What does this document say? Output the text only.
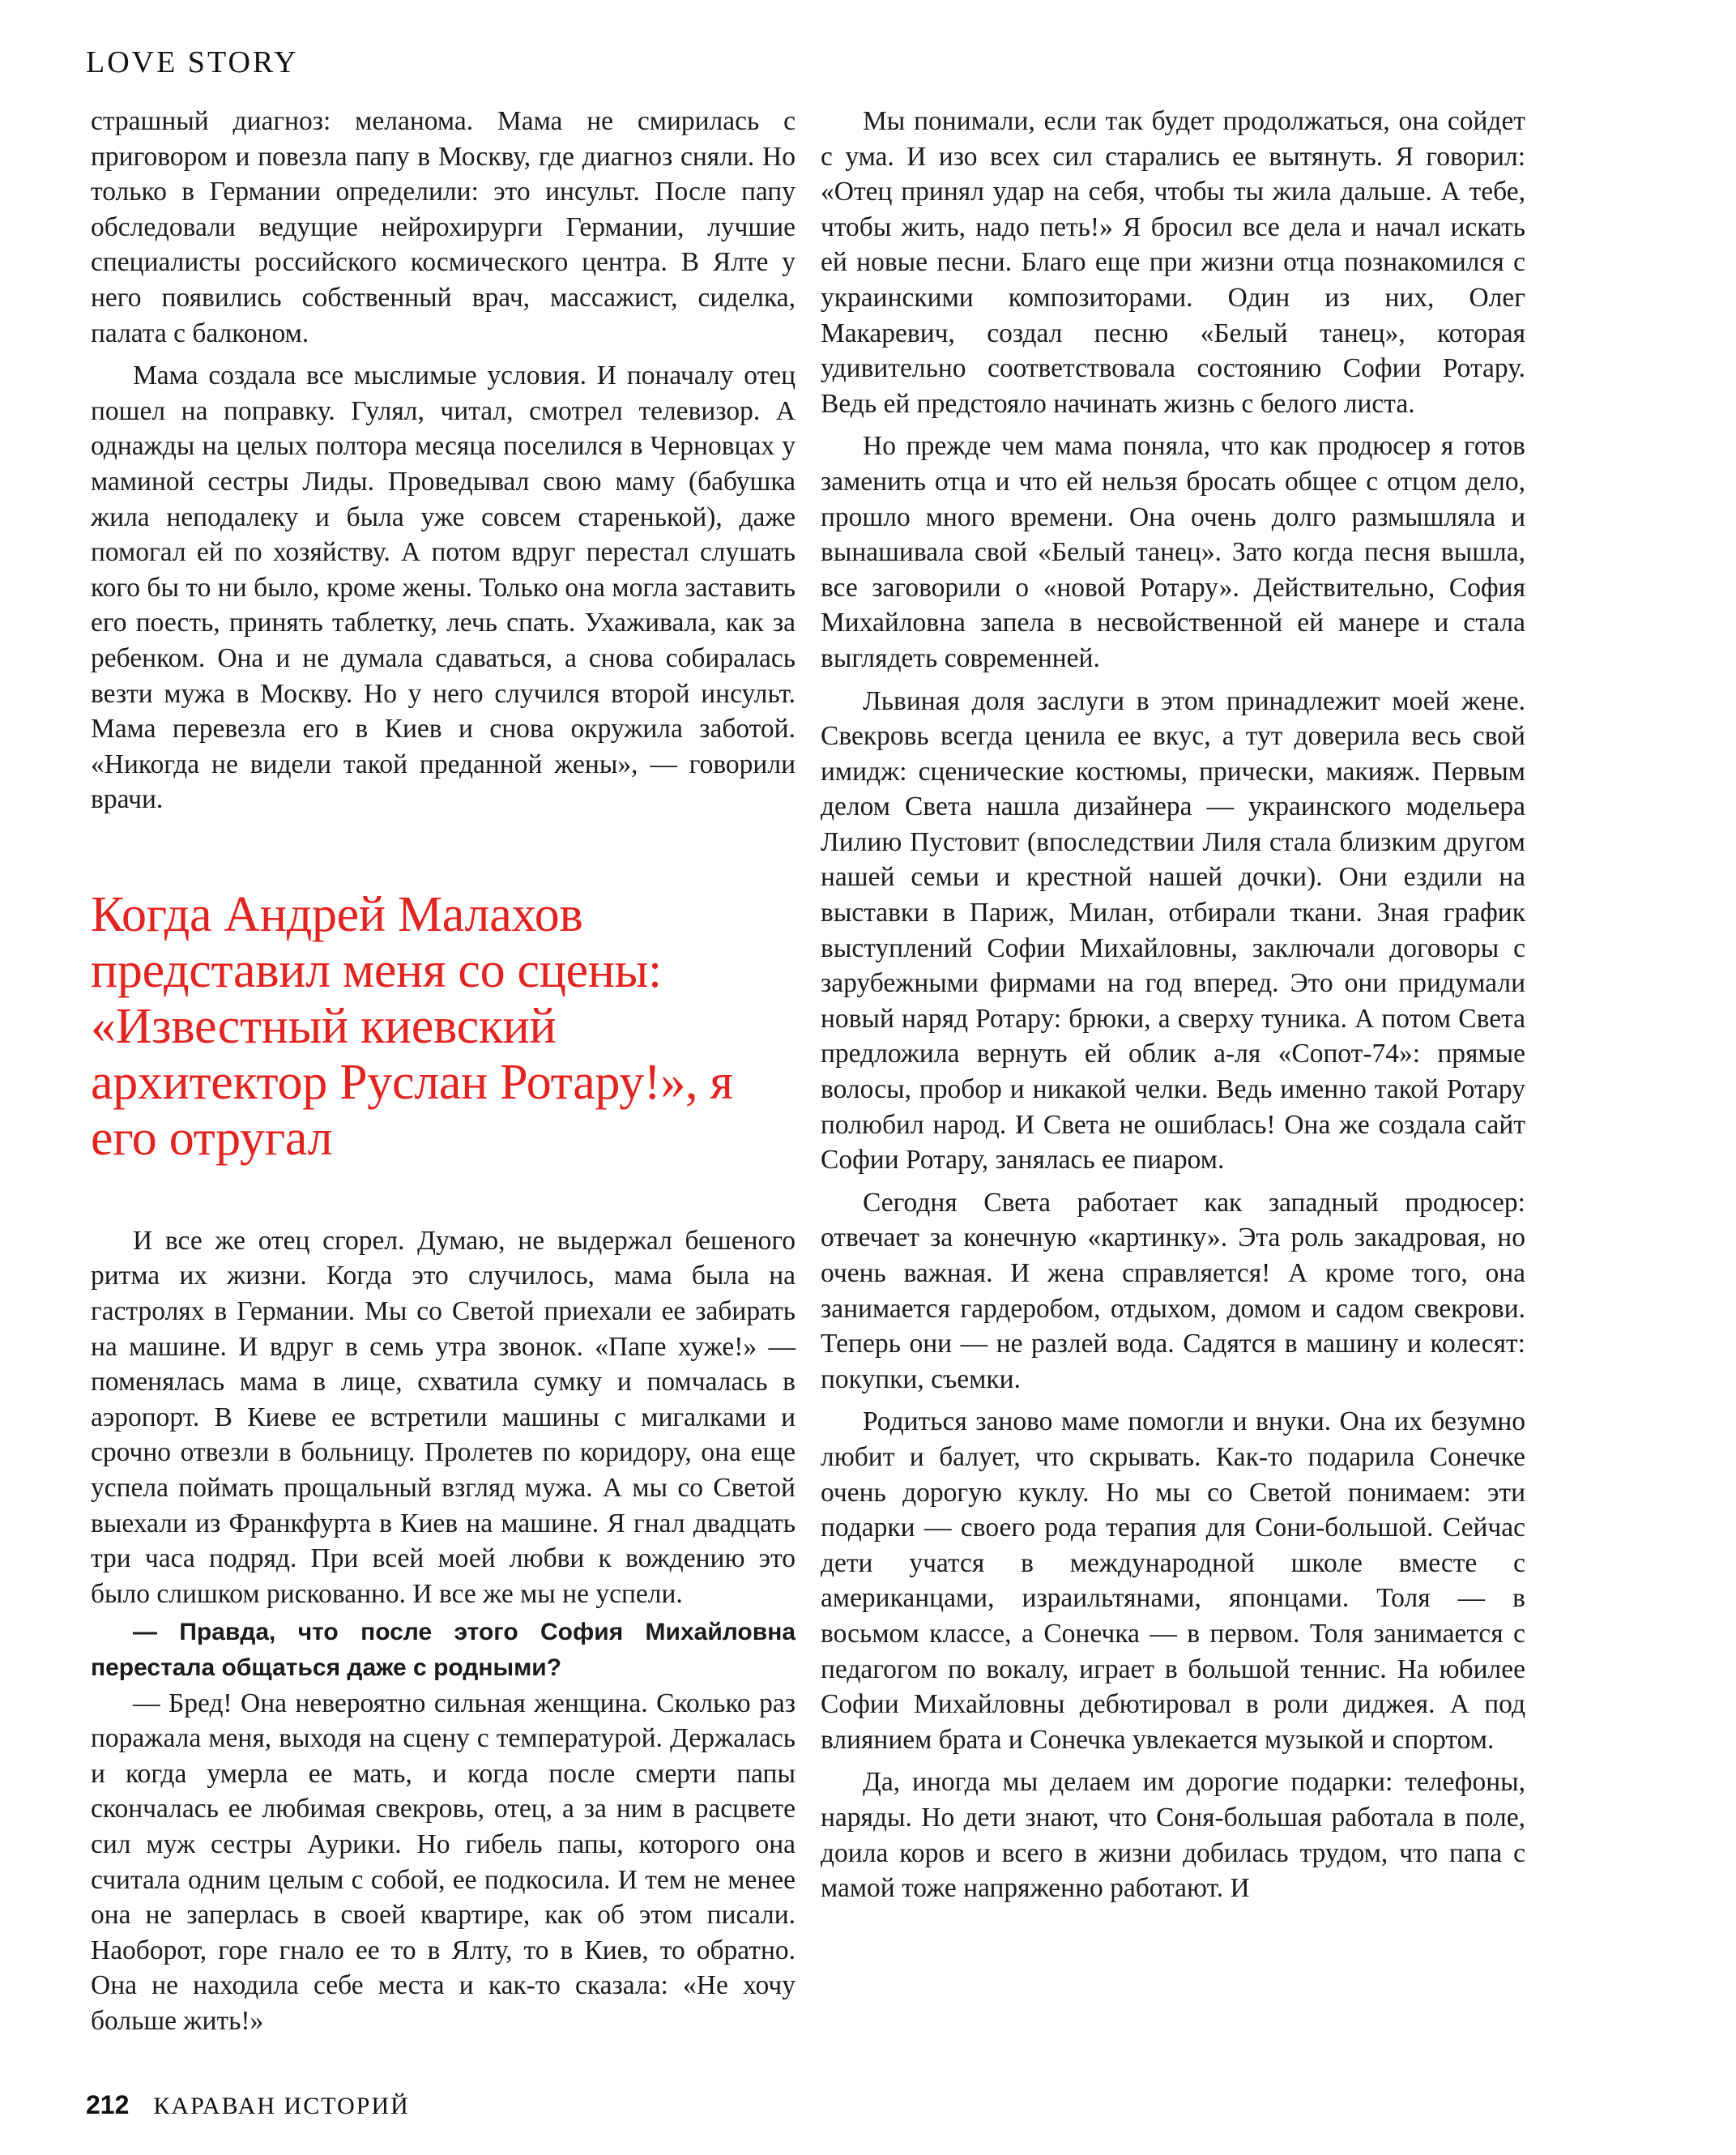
LOVE STORY

страшный диагноз: меланома. Мама не смирилась с приговором и повезла папу в Москву, где диагноз сняли. Но только в Германии определили: это инсульт. После папу обследовали ведущие нейрохирурги Германии, лучшие специалисты российского космического центра. В Ялте у него появились собственный врач, массажист, сиделка, палата с балконом.

Мама создала все мыслимые условия. И поначалу отец пошел на поправку. Гулял, читал, смотрел телевизор. А однажды на целых полтора месяца поселился в Черновцах у маминой сестры Лиды. Проведывал свою маму (бабушка жила неподалеку и была уже совсем старенькой), даже помогал ей по хозяйству. А потом вдруг перестал слушать кого бы то ни было, кроме жены. Только она могла заставить его поесть, принять таблетку, лечь спать. Ухаживала, как за ребенком. Она и не думала сдаваться, а снова собиралась везти мужа в Москву. Но у него случился второй инсульт. Мама перевезла его в Киев и снова окружила заботой. «Никогда не видели такой преданной жены», — говорили врачи.

Когда Андрей Малахов представил меня со сцены: «Известный киевский архитектор Руслан Ротару!», я его отругал

И все же отец сгорел. Думаю, не выдержал бешеного ритма их жизни. Когда это случилось, мама была на гастролях в Германии. Мы со Светой приехали ее забирать на машине. И вдруг в семь утра звонок. «Папе хуже!» — поменялась мама в лице, схватила сумку и помчалась в аэропорт. В Киеве ее встретили машины с мигалками и срочно отвезли в больницу. Пролетев по коридору, она еще успела поймать прощальный взгляд мужа. А мы со Светой выехали из Франкфурта в Киев на машине. Я гнал двадцать три часа подряд. При всей моей любви к вождению это было слишком рискованно. И все же мы не успели.

— Правда, что после этого София Михайловна перестала общаться даже с родными?

— Бред! Она невероятно сильная женщина. Сколько раз поражала меня, выходя на сцену с температурой. Держалась и когда умерла ее мать, и когда после смерти папы скончалась ее любимая свекровь, отец, а за ним в расцвете сил муж сестры Аурики. Но гибель папы, которого она считала одним целым с собой, ее подкосила. И тем не менее она не заперлась в своей квартире, как об этом писали. Наоборот, горе гнало ее то в Ялту, то в Киев, то обратно. Она не находила себе места и как-то сказала: «Не хочу больше жить!»

Мы понимали, если так будет продолжаться, она сойдет с ума. И изо всех сил старались ее вытянуть. Я говорил: «Отец принял удар на себя, чтобы ты жила дальше. А тебе, чтобы жить, надо петь!» Я бросил все дела и начал искать ей новые песни. Благо еще при жизни отца познакомился с украинскими композиторами. Один из них, Олег Макаревич, создал песню «Белый танец», которая удивительно соответствовала состоянию Софии Ротару. Ведь ей предстояло начинать жизнь с белого листа.

Но прежде чем мама поняла, что как продюсер я готов заменить отца и что ей нельзя бросать общее с отцом дело, прошло много времени. Она очень долго размышляла и вынашивала свой «Белый танец». Зато когда песня вышла, все заговорили о «новой Ротару». Действительно, София Михайловна запела в несвойственной ей манере и стала выглядеть современней.

Львиная доля заслуги в этом принадлежит моей жене. Свекровь всегда ценила ее вкус, а тут доверила весь свой имидж: сценические костюмы, прически, макияж. Первым делом Света нашла дизайнера — украинского модельера Лилию Пустовит (впоследствии Лиля стала близким другом нашей семьи и крестной нашей дочки). Они ездили на выставки в Париж, Милан, отбирали ткани. Зная график выступлений Софии Михайловны, заключали договоры с зарубежными фирмами на год вперед. Это они придумали новый наряд Ротару: брюки, а сверху туника. А потом Света предложила вернуть ей облик а-ля «Сопот-74»: прямые волосы, пробор и никакой челки. Ведь именно такой Ротару полюбил народ. И Света не ошиблась! Она же создала сайт Софии Ротару, занялась ее пиаром.

Сегодня Света работает как западный продюсер: отвечает за конечную «картинку». Эта роль закадровая, но очень важная. И жена справляется! А кроме того, она занимается гардеробом, отдыхом, домом и садом свекрови. Теперь они — не разлей вода. Садятся в машину и колесят: покупки, съемки.

Родиться заново маме помогли и внуки. Она их безумно любит и балует, что скрывать. Как-то подарила Сонечке очень дорогую куклу. Но мы со Светой понимаем: эти подарки — своего рода терапия для Сони-большой. Сейчас дети учатся в международной школе вместе с американцами, израильтянами, японцами. Толя — в восьмом классе, а Сонечка — в первом. Толя занимается с педагогом по вокалу, играет в большой теннис. На юбилее Софии Михайловны дебютировал в роли диджея. А под влиянием брата и Сонечка увлекается музыкой и спортом.

Да, иногда мы делаем им дорогие подарки: телефоны, наряды. Но дети знают, что Соня-большая работала в поле, доила коров и всего в жизни добилась трудом, что папа с мамой тоже напряженно работают. И

212 КАРАВАН ИСТОРИЙ
